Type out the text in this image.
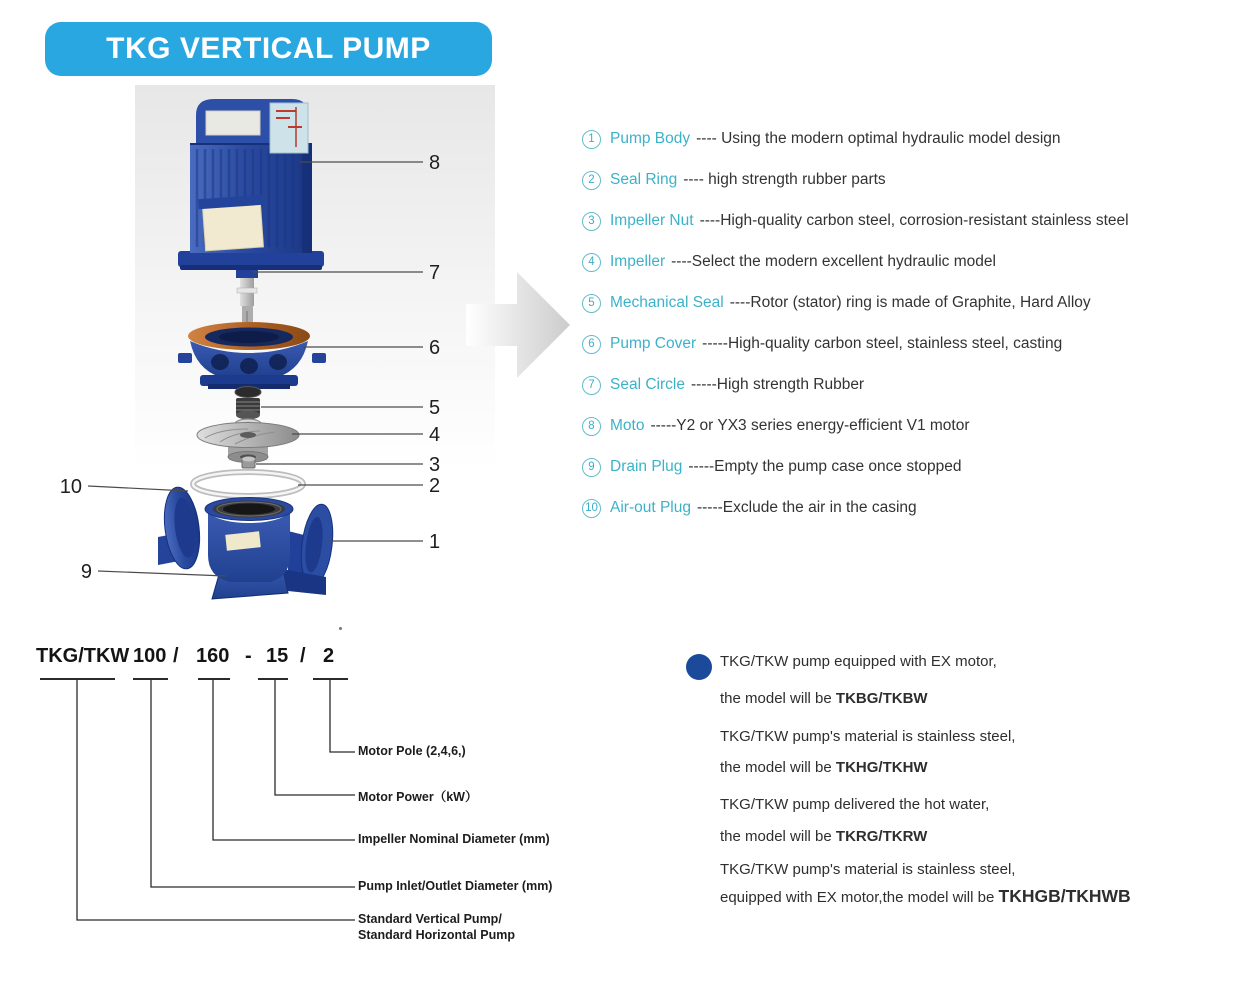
TKG VERTICAL PUMP
8
7
6
5
4
3
2
1
10
9
1 Pump Body ---- Using the modern optimal hydraulic model design
2 Seal Ring ---- high strength rubber parts
3 Impeller Nut ----High-quality carbon steel, corrosion-resistant stainless steel
4 Impeller ----Select the modern excellent hydraulic model
5 Mechanical Seal ----Rotor (stator) ring is made of Graphite, Hard Alloy
6 Pump Cover -----High-quality carbon steel, stainless steel, casting
7 Seal Circle -----High strength Rubber
8 Moto -----Y2 or YX3 series energy-efficient V1 motor
9 Drain Plug -----Empty the pump case once stopped
10 Air-out Plug -----Exclude the air in the casing
TKG/TKW 100 / 160 - 15 / 2
Motor Pole (2,4,6,)
Motor Power（kW）
Impeller Nominal Diameter (mm)
Pump Inlet/Outlet Diameter (mm)
Standard Vertical Pump/
Standard Horizontal Pump
TKG/TKW pump equipped with EX motor,
the model will be TKBG/TKBW
TKG/TKW pump's material is stainless steel,
the model will be TKHG/TKHW
TKG/TKW pump delivered the hot water,
the model will be TKRG/TKRW
TKG/TKW pump's material is stainless steel,
equipped with EX motor,the model will be TKHGB/TKHWB
